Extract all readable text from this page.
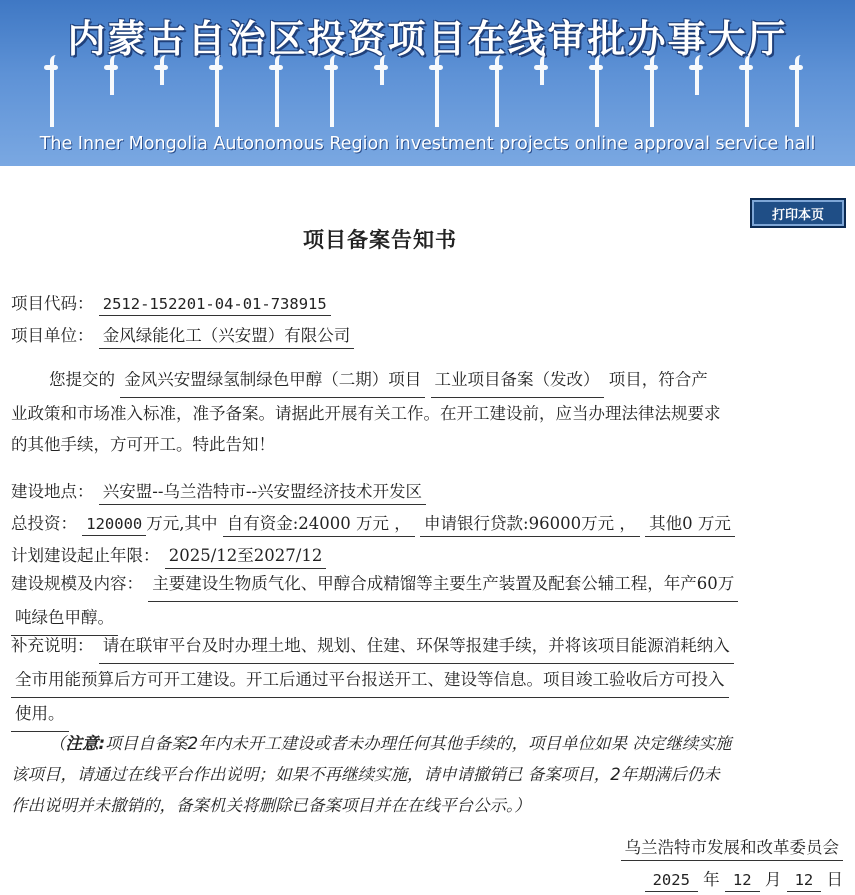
内蒙古自治区投资项目在线审批办事大厅
The Inner Mongolia Autonomous Region investment projects online approval service hall
打印本页
项目备案告知书
项目代码： 2512-152201-04-01-738915
项目单位： 金风绿能化工（兴安盟）有限公司
您提交的 金风兴安盟绿氢制绿色甲醇（二期）项目 工业项目备案（发改） 项目，符合产
业政策和市场准入标准，准予备案。请据此开展有关工作。在开工建设前，应当办理法律法规要求
的其他手续，方可开工。特此告知！
建设地点： 兴安盟--乌兰浩特市--兴安盟经济技术开发区
总投资： 120000 万元,其中 自有资金:24000 万元 ， 申请银行贷款:96000万元 ， 其他0 万元
计划建设起止年限： 2025/12至2027/12
建设规模及内容： 主要建设生物质气化、甲醇合成精馏等主要生产装置及配套公辅工程，年产60万
吨绿色甲醇。
补充说明： 请在联审平台及时办理土地、规划、住建、环保等报建手续，并将该项目能源消耗纳入
全市用能预算后方可开工建设。开工后通过平台报送开工、建设等信息。项目竣工验收后方可投入
使用。
（注意:项目自备案2年内未开工建设或者未办理任何其他手续的，项目单位如果 决定继续实施
该项目，请通过在线平台作出说明；如果不再继续实施，请申请撤销已 备案项目，2年期满后仍未
作出说明并未撤销的，备案机关将删除已备案项目并在在线平台公示。）
乌兰浩特市发展和改革委员会
2025 年 12 月 12 日
